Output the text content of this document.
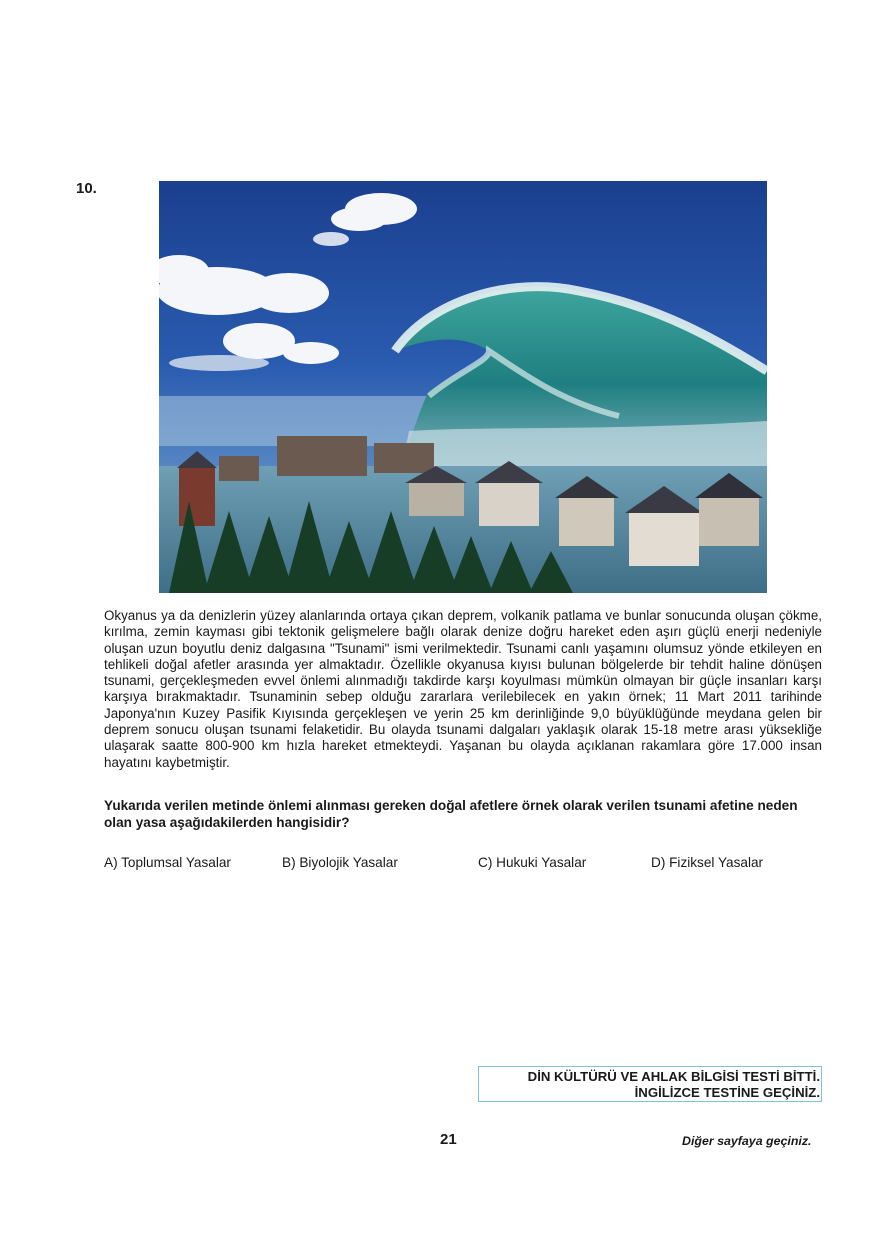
10.

Okyanus ya da denizlerin yüzey alanlarında ortaya çıkan deprem, volkanik patlama ve bunlar sonucunda oluşan çökme, kırılma, zemin kayması gibi tektonik gelişmelere bağlı olarak denize doğru hareket eden aşırı güçlü enerji nedeniyle oluşan uzun boyutlu deniz dalgasına "Tsunami" ismi verilmektedir. Tsunami canlı yaşamını olumsuz yönde etkileyen en tehlikeli doğal afetler arasında yer almaktadır. Özellikle okyanusa kıyısı bulunan bölgelerde bir tehdit haline dönüşen tsunami, gerçekleşmeden evvel önlemi alınmadığı takdirde karşı koyulması mümkün olmayan bir güçle insanları karşı karşıya bırakmaktadır. Tsunaminin sebep olduğu zararlara verilebilecek en yakın örnek; 11 Mart 2011 tarihinde Japonya'nın Kuzey Pasifik Kıyısında gerçekleşen ve yerin 25 km derinliğinde 9,0 büyüklüğünde meydana gelen bir deprem sonucu oluşan tsunami felaketidir. Bu olayda tsunami dalgaları yaklaşık olarak 15-18 metre arası yüksekliğe ulaşarak saatte 800-900 km hızla hareket etmekteydi. Yaşanan bu olayda açıklanan rakamlara göre 17.000 insan hayatını kaybetmiştir.

Yukarıda verilen metinde önlemi alınması gereken doğal afetlere örnek olarak verilen tsunami afetine neden olan yasa aşağıdakilerden hangisidir?

A) Toplumsal Yasalar	B) Biyolojik Yasalar	C) Hukuki Yasalar	D) Fiziksel Yasalar
DİN KÜLTÜRÜ VE AHLAK BİLGİSİ TESTİ BİTTİ.
İNGİLİZCE TESTİNE GEÇİNİZ.
21	Diğer sayfaya geçiniz.
